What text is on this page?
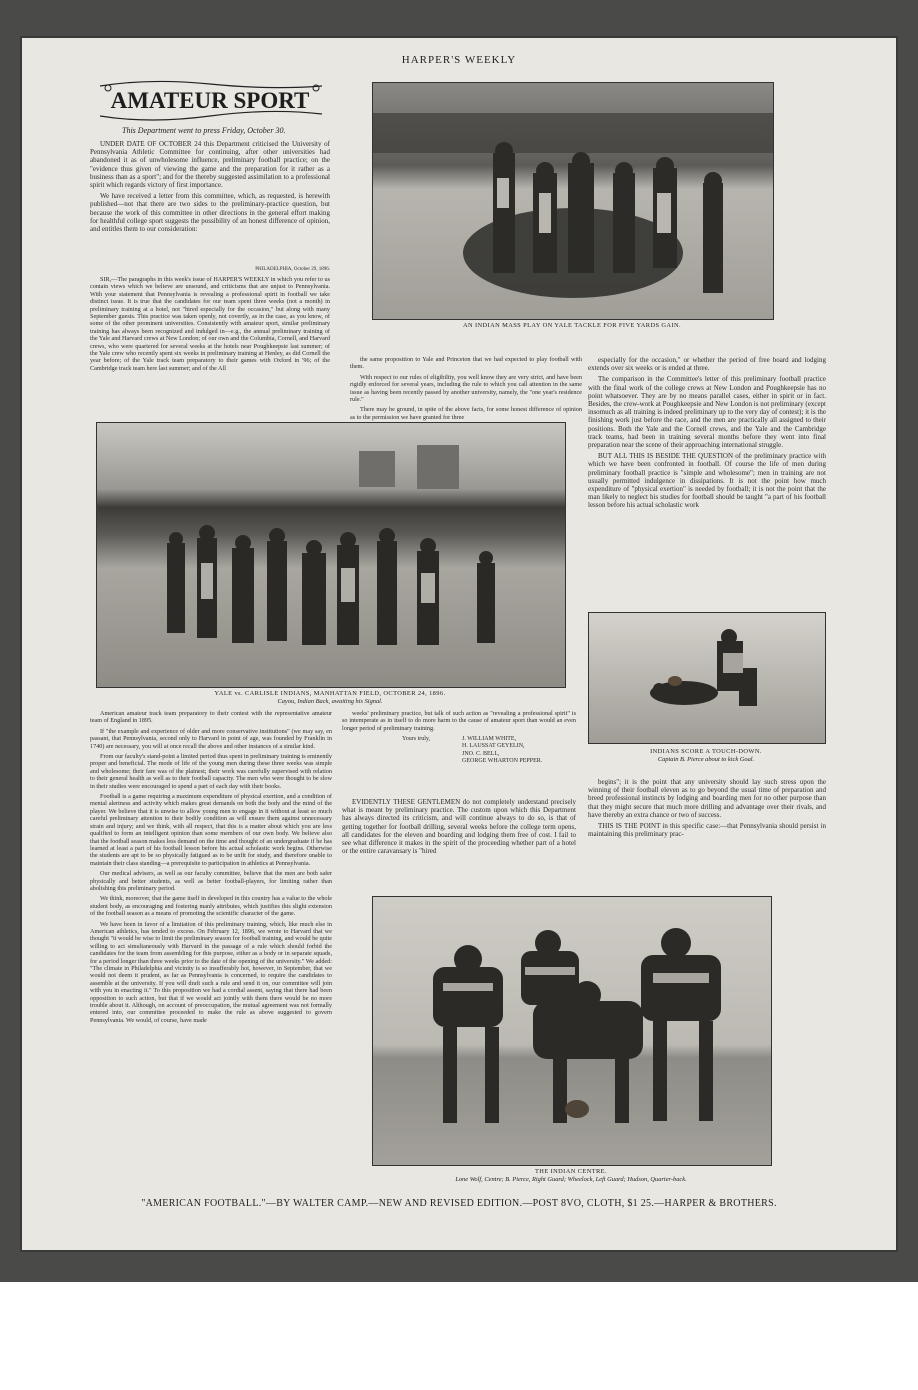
HARPER'S WEEKLY
AMATEUR SPORT
This Department went to press Friday, October 30.

UNDER DATE OF OCTOBER 24 this Department criticised the University of Pennsylvania Athletic Committee for continuing, after other universities had abandoned it as of unwholesome influence, preliminary football practice; on the "evidence thus given of viewing the game and the preparation for it rather as a business than as a sport"; and for the thereby suggested assimilation to a professional spirit which regards victory of first importance.

We have received a letter from this committee, which, as requested, is herewith published—not that there are two sides to the preliminary-practice question, but because the work of this committee in other directions in the general effort making for healthful college sport suggests the possibility of an honest difference of opinion, and entitles them to our consideration:

PHILADELPHIA, October 29, 1896.

SIR,—The paragraphs in this week's issue of HARPER'S WEEKLY in which you refer to us contain views which we believe are unsound, and criticisms that are unjust to Pennsylvania. With your statement that Pennsylvania is revealing a professional spirit in football we take distinct issue. It is true that the candidates for our team spent three weeks (not a month) in preliminary training at a hotel, not "hired especially for the occasion," but along with many September guests. This practice was taken openly, not covertly, as in the case, as you know, of some of the other prominent universities. Consistently with amateur sport, similar preliminary training has always been recognized and indulged in—e.g., the annual preliminary training of the Yale and Harvard crews at New London; of our own and the Columbia, Cornell, and Harvard crews, who were quartered for several weeks at the hotels near Poughkeepsie last summer; of the Yale crew who recently spent six weeks in preliminary training at Henley, as did Cornell the year before; of the Yale track team preparatory to their games with Oxford in '96; of the Cambridge track team here last summer; and of the All

AN INDIAN MASS PLAY ON YALE TACKLE FOR FIVE YARDS GAIN.

the same proposition to Yale and Princeton that we had expected to play football with them.

With respect to our rules of eligibility, you well know they are very strict, and have been rigidly enforced for several years, including the rule to which you call attention in the same issue as having been recently passed by another university, namely, the "one year's residence rule."

There may be ground, in spite of the above facts, for some honest difference of opinion as to the permission we have granted for three

especially for the occasion," or whether the period of free board and lodging extends over six weeks or is ended at three.

The comparison in the Committee's letter of this preliminary football practice with the final work of the college crews at New London and Poughkeepsie has no point whatsoever. They are by no means parallel cases, either in spirit or in fact. Besides, the crew-work at Poughkeepsie and New London is not preliminary (except insomuch as all training is indeed preliminary up to the very day of contest); it is the finishing work just before the race, and the men are practically all assigned to their positions. Both the Yale and the Cornell crews, and the Yale and the Cambridge track teams, had been in training several months before they went into final preparation near the scene of their approaching international struggle.

BUT ALL THIS IS BESIDE THE QUESTION of the preliminary practice with which we have been confronted in football. Of course the life of men during preliminary football practice is "simple and wholesome"; men in training are not usually permitted indulgence in dissipations. It is not the point how much expenditure of "physical exertion" is needed by football; it is not the point that the man likely to neglect his studies for football should be taught "a part of his football lesson before his actual scholastic work

YALE vs. CARLISLE INDIANS, MANHATTAN FIELD, OCTOBER 24, 1896.
Cayou, Indian Back, awaiting his Signal.
INDIANS SCORE A TOUCH-DOWN.
Captain B. Pierce about to kick Goal.

American amateur track team preparatory to their contest with the representative amateur team of England in 1895.

If "the example and experience of older and more conservative institutions" (we may say, en passant, that Pennsylvania, second only to Harvard in point of age, was founded by Franklin in 1740) are necessary, you will at once recall the above and other instances of a similar kind.

From our faculty's stand-point a limited period thus spent in preliminary training is eminently proper and beneficial. The mode of life of the young men during these three weeks was simple and wholesome; their fare was of the plainest; their work was carefully supervised with relation to their general health as well as to their football capacity. The men who were thought to be slow in their studies were encouraged to spend a part of each day with their books.

Football is a game requiring a maximum expenditure of physical exertion, and a condition of mental alertness and activity which makes great demands on both the body and the mind of the player. We believe that it is unwise to allow young men to engage in it without at least so much careful preliminary attention to their bodily condition as will ensure them against unnecessary strain and injury; and we think, with all respect, that this is a matter about which you are less qualified to form an intelligent opinion than some members of our own body. We believe also that the football season makes less demand on the time and thought of an undergraduate if he has learned at least a part of his football lesson before his actual scholastic work begins. Otherwise the students are apt to be so physically fatigued as to be unfit for study, and therefore unable to maintain their class standing—a prerequisite to participation in athletics at Pennsylvania.

Our medical advisers, as well as our faculty committee, believe that the men are both safer physically and better students, as well as better football-players, for limiting rather than abolishing this preliminary period.

We think, moreover, that the game itself in developed in this country has a value to the whole student body, as encouraging and fostering manly attributes, which justifies this slight extension of the football season as a means of promoting the scientific character of the game.

We have been in favor of a limitation of this preliminary training, which, like much else in American athletics, has tended to excess. On February 12, 1896, we wrote to Harvard that we thought "it would be wise to limit the preliminary season for football training, and would be quite willing to act simultaneously with Harvard in the passage of a rule which should forbid the candidates for the team from assembling for this purpose, either as a body or in separate squads, for a period longer than three weeks prior to the date of the opening of the university." We added: "The climate in Philadelphia and vicinity is so insufferably hot, however, in September, that we would not deem it prudent, as far as Pennsylvania is concerned, to require the candidates to assemble at the university. If you will draft such a rule and send it on, our committee will join with you in enacting it." To this proposition we had a cordial assent, saying that there had been opposition to such action, but that if we would act jointly with them there would be no more trouble about it. Although, on account of preoccupation, the mutual agreement was not formally entered into, our committee proceeded to make the rule as above suggested to govern Pennsylvania. We would, of course, have made

weeks' preliminary practice, but talk of such action as "revealing a professional spirit" is so intemperate as in itself to do more harm to the cause of amateur sport than would an even longer period of preliminary training.

Yours truly,	J. WILLIAM WHITE,
H. LAUSSAT GEYELIN,
JNO. C. BELL,
GEORGE WHARTON PEPPER.

EVIDENTLY THESE GENTLEMEN do not completely understand precisely what is meant by preliminary practice. The custom upon which this Department has always directed its criticism, and will continue always to do so, is that of getting together for football drilling, several weeks before the college term opens, all candidates for the eleven and boarding and lodging them free of cost. I fail to see what difference it makes in the spirit of the proceeding whether part of a hotel or the entire caravansary is "hired

begins"; it is the point that any university should lay such stress upon the winning of their football eleven as to go beyond the usual time of preparation and breed professional instincts by lodging and boarding men for no other purpose than that they might secure that much more drilling and advantage over their rivals, and have thereby an extra chance or two of success.

THIS IS THE POINT in this specific case:—that Pennsylvania should persist in maintaining this preliminary prac-

THE INDIAN CENTRE.
Lone Wolf, Centre; B. Pierce, Right Guard; Wheelock, Left Guard; Hudson, Quarter-back.
"AMERICAN FOOTBALL."—BY WALTER CAMP.—NEW AND REVISED EDITION.—POST 8VO, CLOTH, $1 25.—HARPER & BROTHERS.
